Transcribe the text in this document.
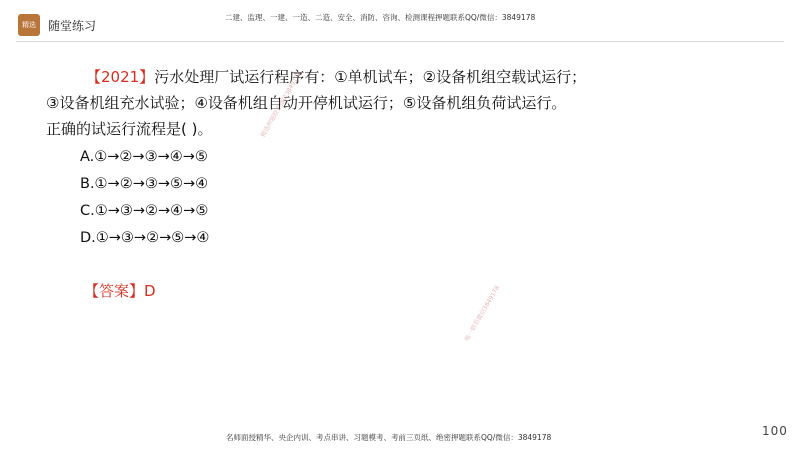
精选	随堂练习
二建、监理、一建、一造、二造、安全、消防、咨询、检测课程押题联系QQ/微信：3849178
【2021】污水处理厂试运行程序有：①单机试车；②设备机组空载试运行；
③设备机组充水试验；④设备机组自动开停机试运行；⑤设备机组负荷试运行。
正确的试运行流程是( )。
A.①→②→③→④→⑤
B.①→②→③→⑤→④
C.①→③→②→④→⑤
D.①→③→②→⑤→④
【答案】D
精选押题联系微信3849178
唯一联系微信3849178
名师面授精华、央企内训、考点串讲、习题模考、考前三页纸、绝密押题联系QQ/微信：3849178	100
